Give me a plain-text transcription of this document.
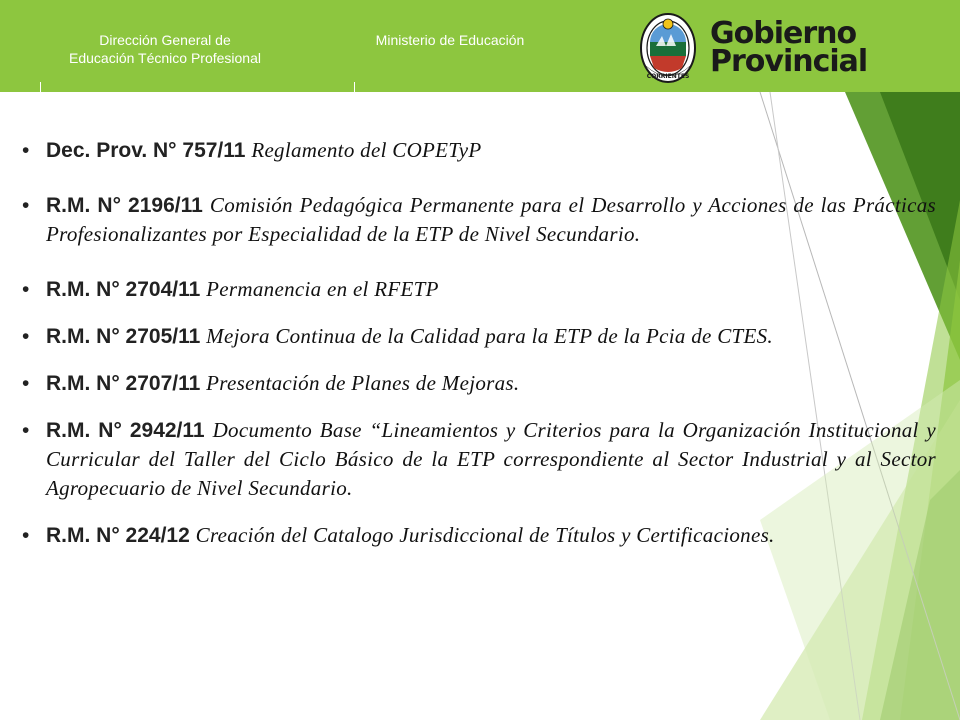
Dirección General de
Educación Técnico Profesional
Ministerio de Educación
CORRIENTES
Gobierno
Provincial
• Dec. Prov. N° 757/11 Reglamento del COPETyP
• R.M. N° 2196/11 Comisión Pedagógica Permanente para el Desarrollo y Acciones de las Prácticas Profesionalizantes por Especialidad de la ETP de Nivel Secundario.
• R.M. N° 2704/11 Permanencia en el RFETP
• R.M. N° 2705/11 Mejora Continua de la Calidad para la ETP de la Pcia de CTES.
• R.M. N° 2707/11 Presentación de Planes de Mejoras.
• R.M. N° 2942/11 Documento Base “Lineamientos y Criterios para la Organización Institucional y Curricular del Taller del Ciclo Básico de la ETP correspondiente al Sector Industrial y al Sector Agropecuario de Nivel Secundario.
• R.M. N° 224/12 Creación del Catalogo Jurisdiccional de Títulos y Certificaciones.
